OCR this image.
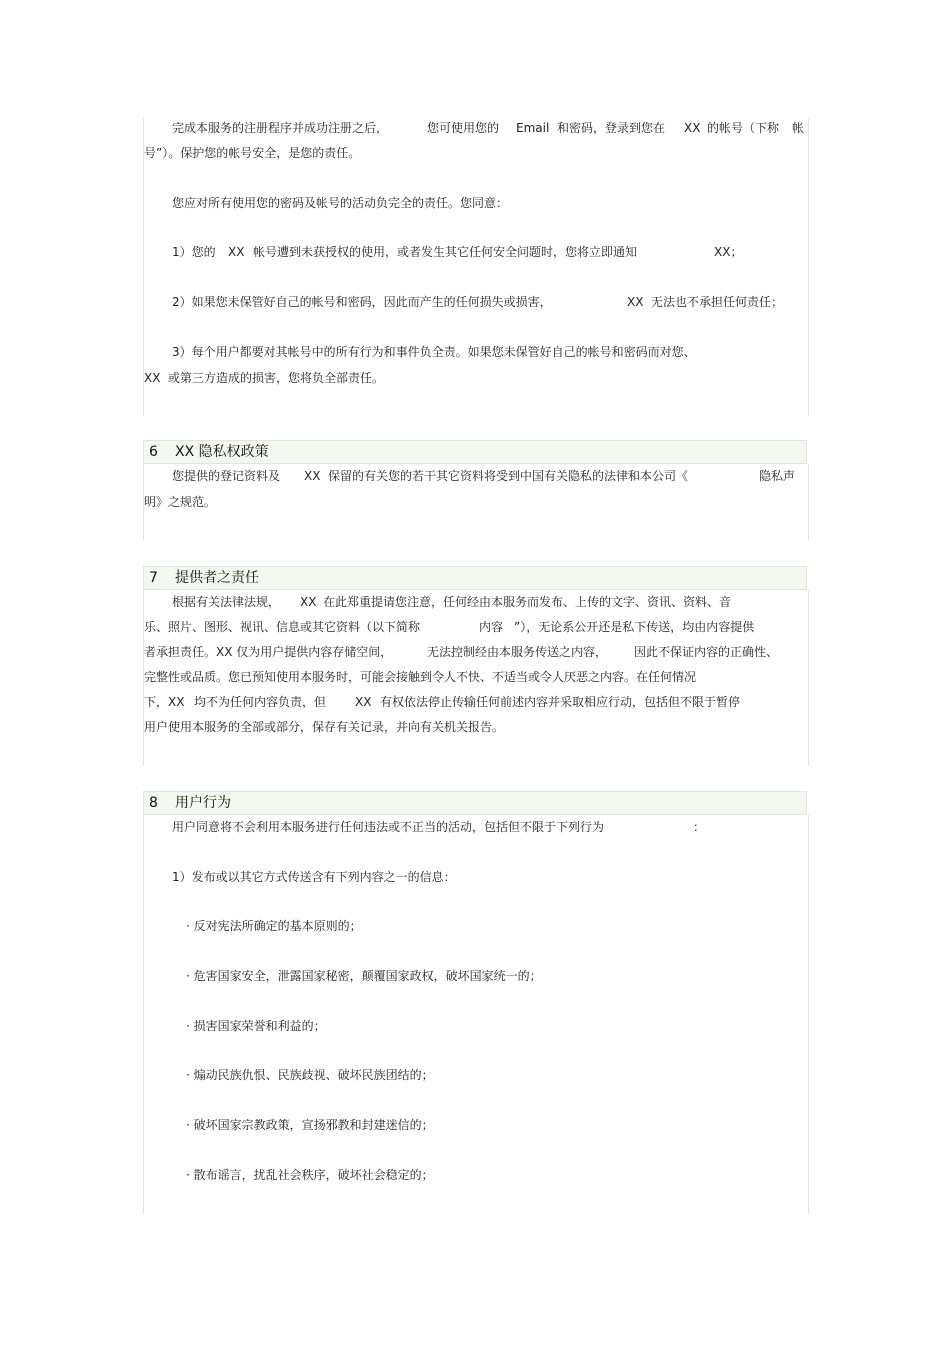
完成本服务的注册程序并成功注册之后，	您可使用您的 Email 和密码，登录到您在 XX 的帐号（下称 帐
号”）。保护您的帐号安全，是您的责任。
您应对所有使用您的密码及帐号的活动负完全的责任。您同意：
1）您的 XX 帐号遭到未获授权的使用，或者发生其它任何安全问题时，您将立即通知	XX；
2）如果您未保管好自己的帐号和密码，因此而产生的任何损失或损害，	XX 无法也不承担任何责任；
3）每个用户都要对其帐号中的所有行为和事件负全责。如果您未保管好自己的帐号和密码而对您、
XX 或第三方造成的损害，您将负全部责任。
6 XX 隐私权政策
您提供的登记资料及 XX 保留的有关您的若干其它资料将受到中国有关隐私的法律和本公司《	隐私声
明》之规范。
7 提供者之责任
根据有关法律法规， XX 在此郑重提请您注意，任何经由本服务而发布、上传的文字、资讯、资料、音
乐、照片、图形、视讯、信息或其它资料（以下简称	内容 ”），无论系公开还是私下传送，均由内容提供
者承担责任。XX 仅为用户提供内容存储空间，	无法控制经由本服务传送之内容， 因此不保证内容的正确性、
完整性或品质。您已预知使用本服务时，可能会接触到令人不快、不适当或令人厌恶之内容。在任何情况
下，XX 均不为任何内容负责，但 XX 有权依法停止传输任何前述内容并采取相应行动，包括但不限于暂停
用户使用本服务的全部或部分，保存有关记录，并向有关机关报告。
8 用户行为
用户同意将不会利用本服务进行任何违法或不正当的活动，包括但不限于下列行为	：
1）发布或以其它方式传送含有下列内容之一的信息：
· 反对宪法所确定的基本原则的；
· 危害国家安全，泄露国家秘密，颠覆国家政权，破坏国家统一的；
· 损害国家荣誉和利益的；
· 煽动民族仇恨、民族歧视、破坏民族团结的；
· 破坏国家宗教政策，宣扬邪教和封建迷信的；
· 散布谣言，扰乱社会秩序，破坏社会稳定的；
